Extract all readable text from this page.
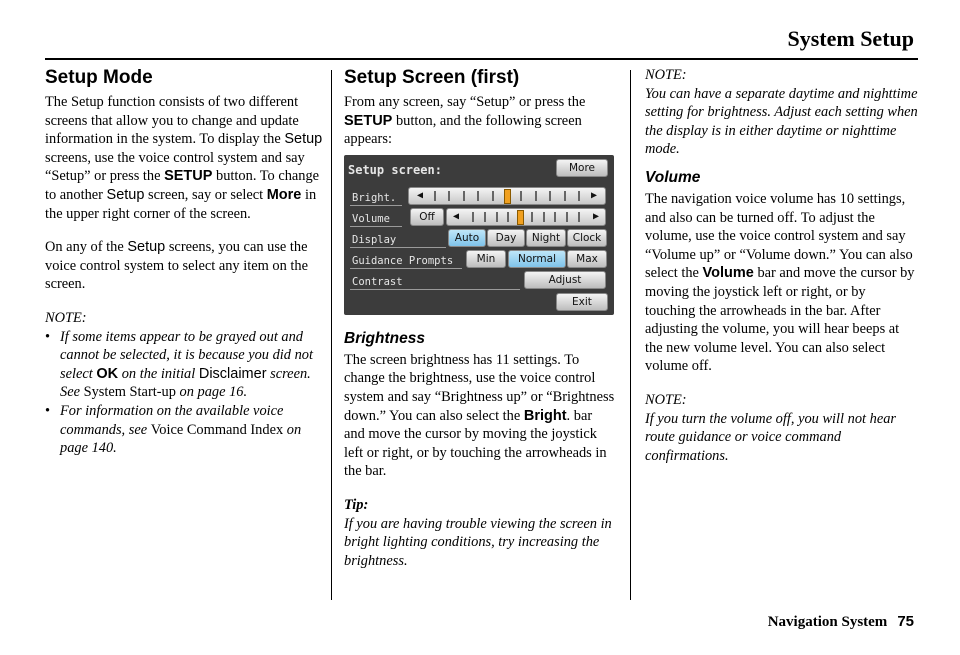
System Setup
Setup Mode

The Setup function consists of two different screens that allow you to change and update information in the system. To display the Setup screens, use the voice control system and say “Setup” or press the SETUP button. To change to another Setup screen, say or select More in the upper right corner of the screen.

On any of the Setup screens, you can use the voice control system to select any item on the screen.

NOTE:

• If some items appear to be grayed out and cannot be selected, it is because you did not select OK on the initial Disclaimer screen. See System Start-up on page 16.
• For information on the available voice commands, see Voice Command Index on page 140.
Setup Screen (first)

From any screen, say “Setup” or press the SETUP button, and the following screen appears:

Setup screen:	More
Bright. ◀	▶
Volume	Off	◀	▶
Display	Auto	Day	Night	Clock
Guidance Prompts	Min	Normal	Max
Contrast	Adjust
Exit
Brightness

The screen brightness has 11 settings. To change the brightness, use the voice control system and say “Brightness up” or “Brightness down.” You can also select the Bright. bar and move the cursor by moving the joystick left or right, or by touching the arrowheads in the bar.

Tip:

If you are having trouble viewing the screen in bright lighting conditions, try increasing the brightness.

NOTE:

You can have a separate daytime and nighttime setting for brightness. Adjust each setting when the display is in either daytime or nighttime mode.

Volume

The navigation voice volume has 10 settings, and also can be turned off. To adjust the volume, use the voice control system and say “Volume up” or “Volume down.” You can also select the Volume bar and move the cursor by moving the joystick left or right, or by touching the arrowheads in the bar. After adjusting the volume, you will hear beeps at the new volume level. You can also select volume off.

NOTE:

If you turn the volume off, you will not hear route guidance or voice command confirmations.

Navigation System 75
